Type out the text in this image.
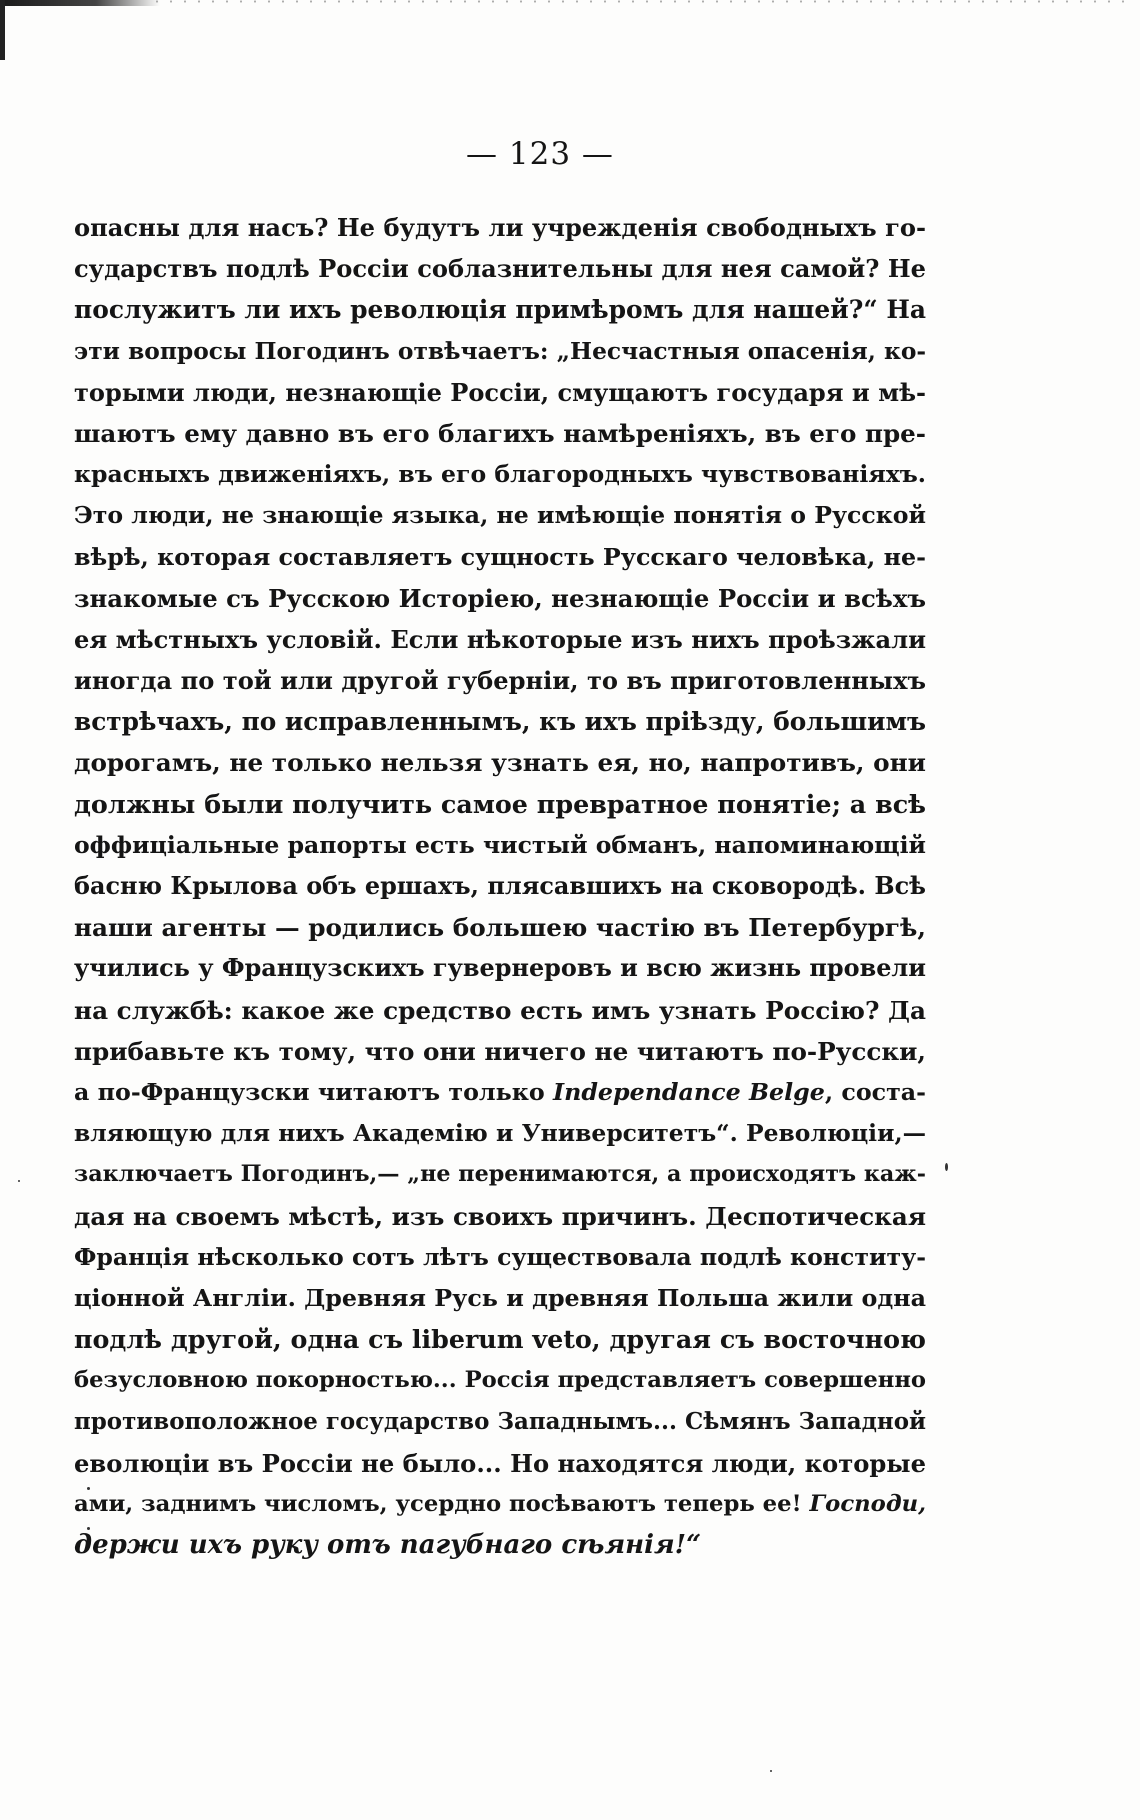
— 123 —
опасны для насъ? Не будутъ ли учрежденія свободныхъ го-
сударствъ подлѣ Россіи соблазнительны для нея самой? Не
послужитъ ли ихъ революція примѣромъ для нашей?“ На
эти вопросы Погодинъ отвѣчаетъ: „Несчастныя опасенія, ко-
торыми люди, незнающіе Россіи, смущаютъ государя и мѣ-
шаютъ ему давно въ его благихъ намѣреніяхъ, въ его пре-
красныхъ движеніяхъ, въ его благородныхъ чувствованіяхъ.
Это люди, не знающіе языка, не имѣющіе понятія о Русской
вѣрѣ, которая составляетъ сущность Русскаго человѣка, не-
знакомые съ Русскою Исторіею, незнающіе Россіи и всѣхъ
ея мѣстныхъ условій. Если нѣкоторые изъ нихъ проѣзжали
иногда по той или другой губерніи, то въ приготовленныхъ
встрѣчахъ, по исправленнымъ, къ ихъ пріѣзду, большимъ
дорогамъ, не только нельзя узнать ея, но, напротивъ, они
должны были получить самое превратное понятіе; а всѣ
оффиціальные рапорты есть чистый обманъ, напоминающій
басню Крылова объ ершахъ, плясавшихъ на сковородѣ. Всѣ
наши агенты — родились большею частію въ Петербургѣ,
учились у Французскихъ гувернеровъ и всю жизнь провели
на службѣ: какое же средство есть имъ узнать Россію? Да
прибавьте къ тому, что они ничего не читаютъ по-Русски,
а по-Французски читаютъ только Independance Belge, соста-
вляющую для нихъ Академію и Университетъ“. Революціи,—
заключаетъ Погодинъ,— „не перенимаются, а происходятъ каж-
дая на своемъ мѣстѣ, изъ своихъ причинъ. Деспотическая
Франція нѣсколько сотъ лѣтъ существовала подлѣ конститу-
ціонной Англіи. Древняя Русь и древняя Польша жили одна
подлѣ другой, одна съ liberum veto, другая съ восточною
безусловною покорностью... Россія представляетъ совершенно
противоположное государство Западнымъ... Сѣмянъ Западной
еволюціи въ Россіи не было... Но находятся люди, которые
ами, заднимъ числомъ, усердно посѣваютъ теперь ее! Господи,
держи ихъ руку отъ пагубнаго сѣянія!“
